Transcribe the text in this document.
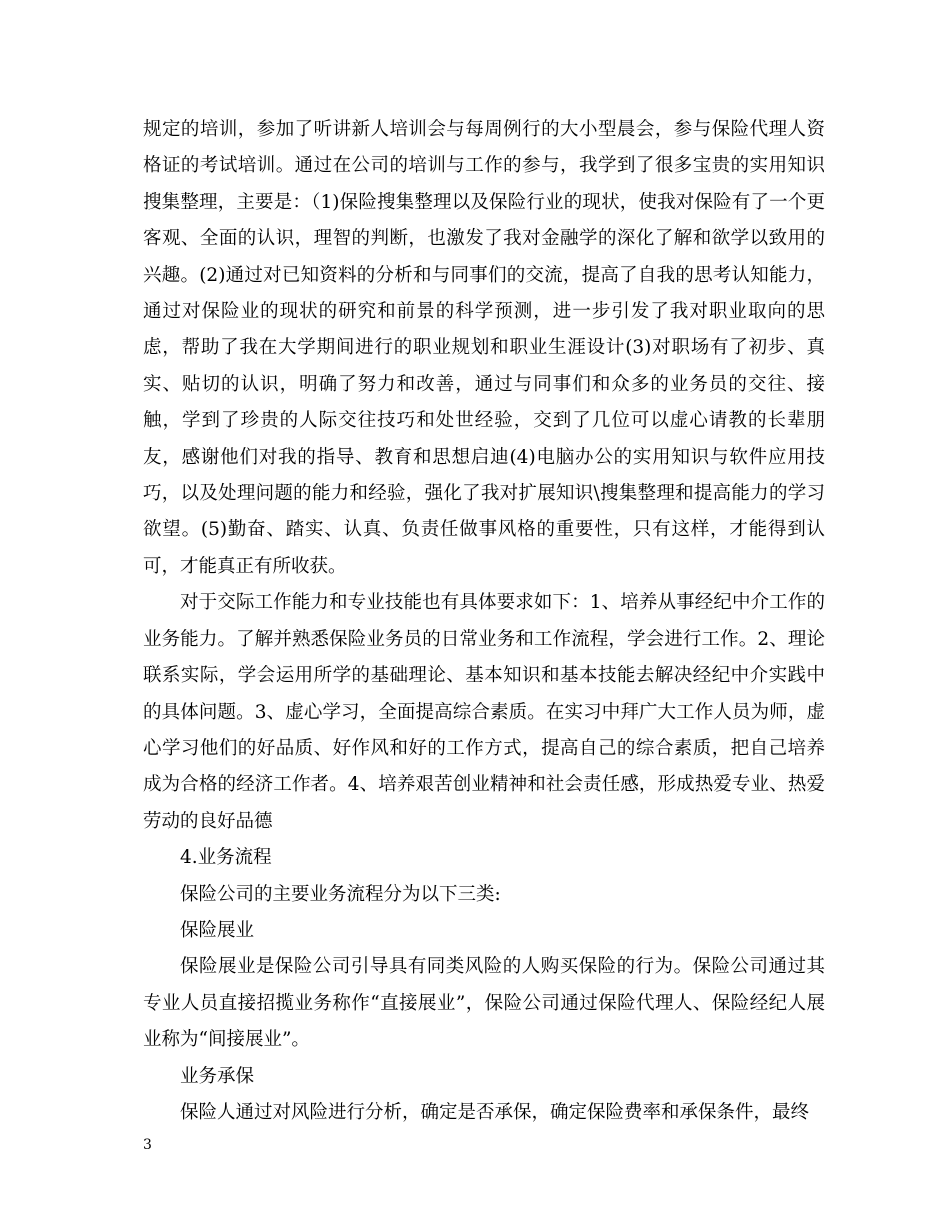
规定的培训，参加了听讲新人培训会与每周例行的大小型晨会，参与保险代理人资格证的考试培训。通过在公司的培训与工作的参与，我学到了很多宝贵的实用知识搜集整理，主要是：（1)保险搜集整理以及保险行业的现状，使我对保险有了一个更客观、全面的认识，理智的判断，也激发了我对金融学的深化了解和欲学以致用的兴趣。(2)通过对已知资料的分析和与同事们的交流，提高了自我的思考认知能力，通过对保险业的现状的研究和前景的科学预测，进一步引发了我对职业取向的思虑，帮助了我在大学期间进行的职业规划和职业生涯设计(3)对职场有了初步、真实、贴切的认识，明确了努力和改善，通过与同事们和众多的业务员的交往、接触，学到了珍贵的人际交往技巧和处世经验，交到了几位可以虚心请教的长辈朋友，感谢他们对我的指导、教育和思想启迪(4)电脑办公的实用知识与软件应用技巧，以及处理问题的能力和经验，强化了我对扩展知识\搜集整理和提高能力的学习欲望。(5)勤奋、踏实、认真、负责任做事风格的重要性，只有这样，才能得到认可，才能真正有所收获。

对于交际工作能力和专业技能也有具体要求如下：1、培养从事经纪中介工作的业务能力。了解并熟悉保险业务员的日常业务和工作流程，学会进行工作。2、理论联系实际，学会运用所学的基础理论、基本知识和基本技能去解决经纪中介实践中的具体问题。3、虚心学习，全面提高综合素质。在实习中拜广大工作人员为师，虚心学习他们的好品质、好作风和好的工作方式，提高自己的综合素质，把自己培养成为合格的经济工作者。4、培养艰苦创业精神和社会责任感，形成热爱专业、热爱劳动的良好品德

4.业务流程

保险公司的主要业务流程分为以下三类:

保险展业

保险展业是保险公司引导具有同类风险的人购买保险的行为。保险公司通过其专业人员直接招揽业务称作“直接展业”，保险公司通过保险代理人、保险经纪人展业称为“间接展业”。

业务承保

保险人通过对风险进行分析，确定是否承保，确定保险费率和承保条件，最终

3
